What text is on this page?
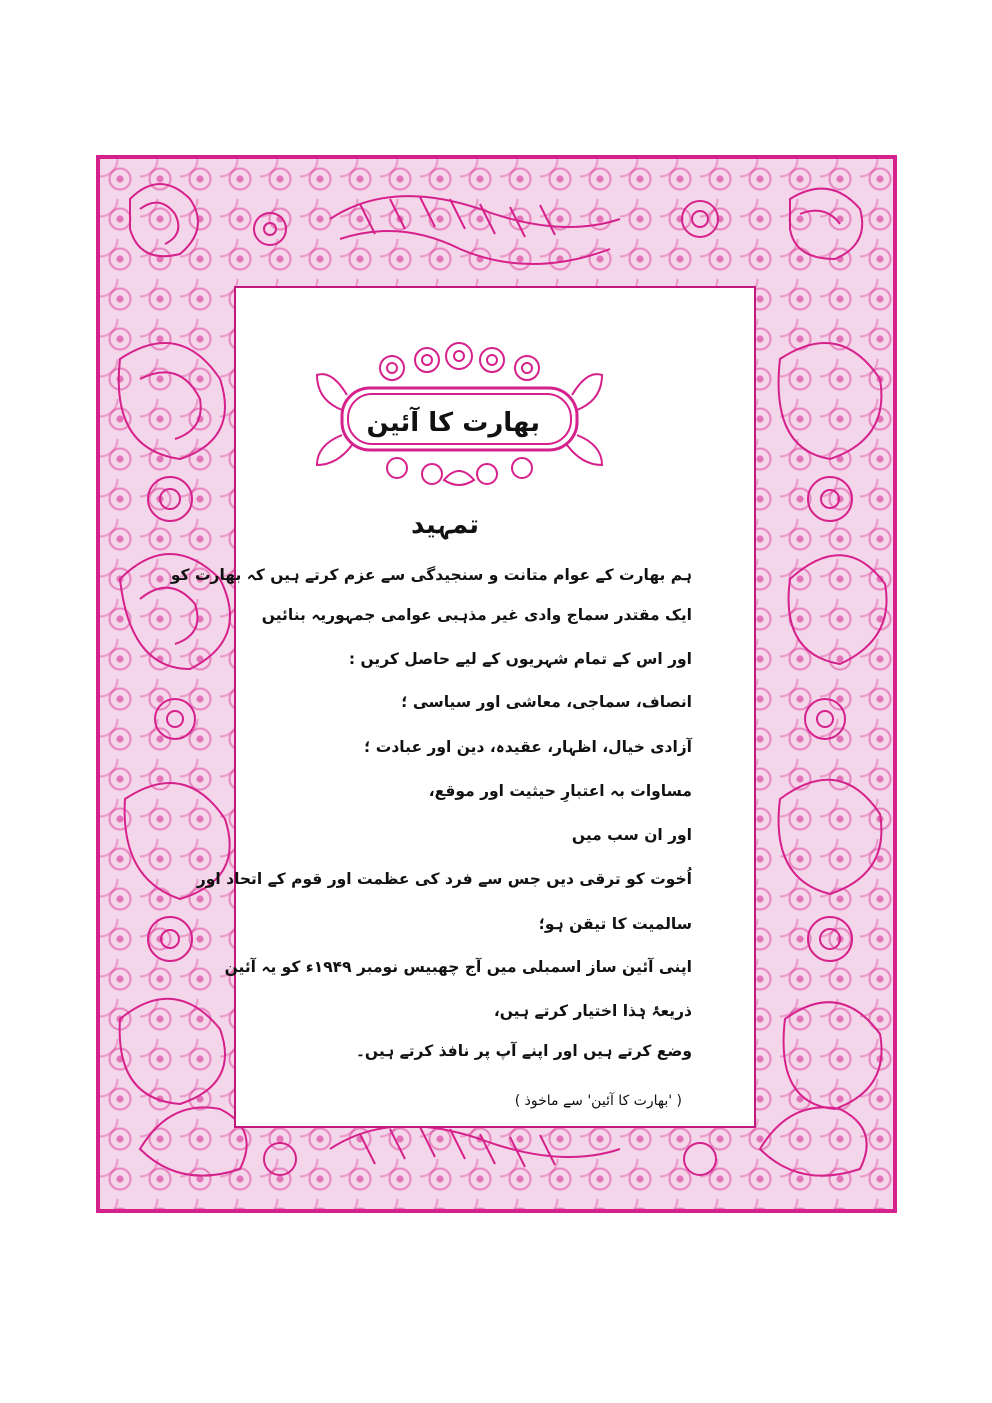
بھارت کا آئین
تمہید
ہم بھارت کے عوام متانت و سنجیدگی سے عزم کرتے ہیں کہ بھارت کو
ایک مقتدر سماج وادی غیر مذہبی عوامی جمہوریہ بنائیں
اور اس کے تمام شہریوں کے لیے حاصل کریں :
انصاف، سماجی، معاشی اور سیاسی ؛
آزادی خیال، اظہار، عقیدہ، دین اور عبادت ؛
مساوات بہ اعتبارِ حیثیت اور موقع،
اور ان سب میں
اُخوت کو ترقی دیں جس سے فرد کی عظمت اور قوم کے اتحاد اور
سالمیت کا تیقن ہو؛
اپنی آئین ساز اسمبلی میں آج چھبیس نومبر ۱۹۴۹ء کو یہ آئین
ذریعۂ ہٰذا اختیار کرتے ہیں،
وضع کرتے ہیں اور اپنے آپ پر نافذ کرتے ہیں۔
( 'بھارت کا آئین' سے ماخوذ )
